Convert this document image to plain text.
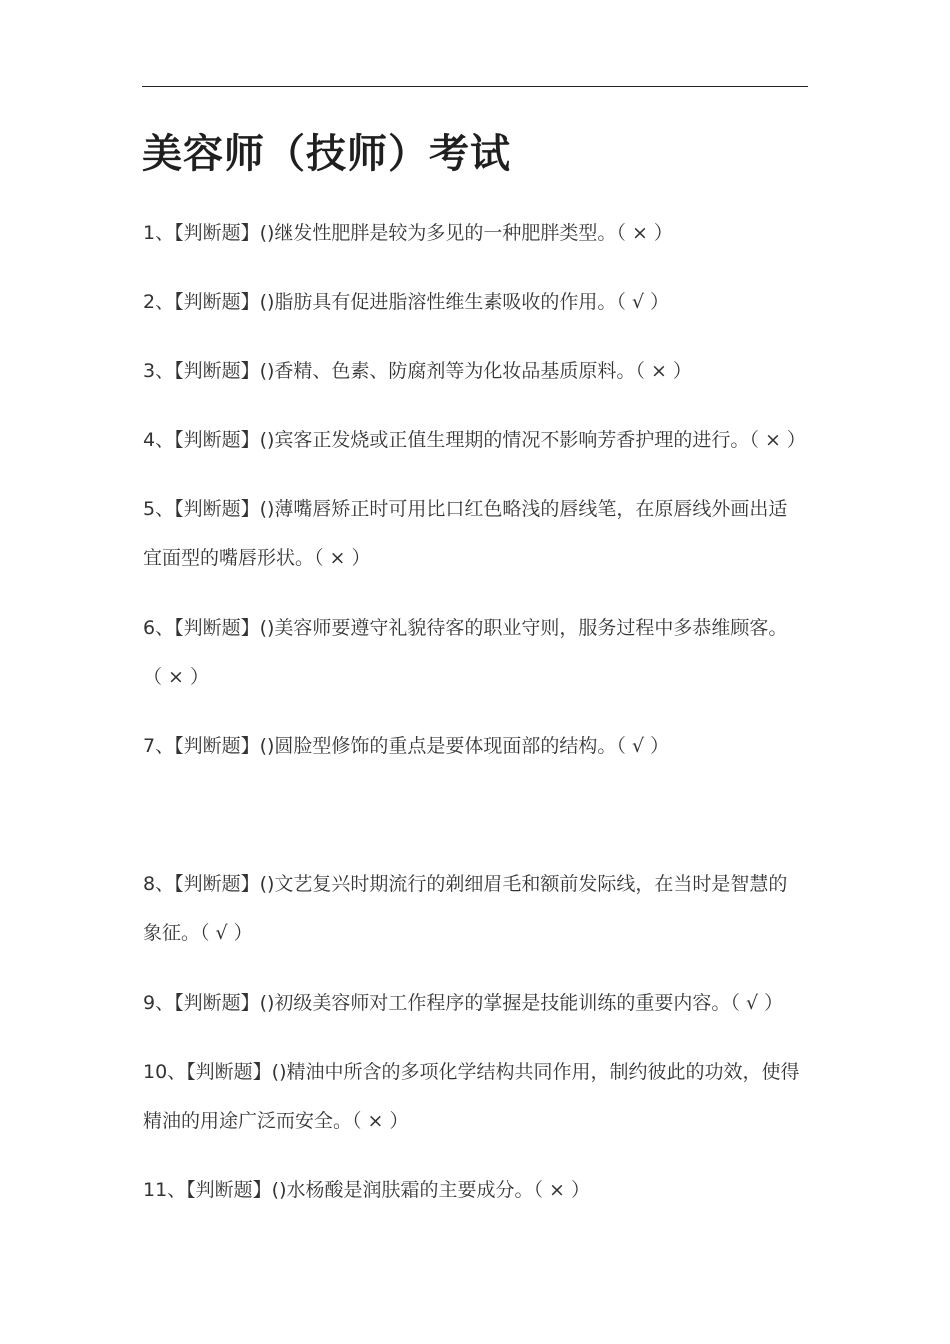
美容师（技师）考试
1、【判断题】()继发性肥胖是较为多见的一种肥胖类型。（ × ）
2、【判断题】()脂肪具有促进脂溶性维生素吸收的作用。（ √ ）
3、【判断题】()香精、色素、防腐剂等为化妆品基质原料。（ × ）
4、【判断题】()宾客正发烧或正值生理期的情况不影响芳香护理的进行。（ × ）
5、【判断题】()薄嘴唇矫正时可用比口红色略浅的唇线笔，在原唇线外画出适
宜面型的嘴唇形状。（ × ）
6、【判断题】()美容师要遵守礼貌待客的职业守则，服务过程中多恭维顾客。
（ × ）
7、【判断题】()圆脸型修饰的重点是要体现面部的结构。（ √ ）
8、【判断题】()文艺复兴时期流行的剃细眉毛和额前发际线，在当时是智慧的
象征。（ √ ）
9、【判断题】()初级美容师对工作程序的掌握是技能训练的重要内容。（ √ ）
10、【判断题】()精油中所含的多项化学结构共同作用，制约彼此的功效，使得
精油的用途广泛而安全。（ × ）
11、【判断题】()水杨酸是润肤霜的主要成分。（ × ）
